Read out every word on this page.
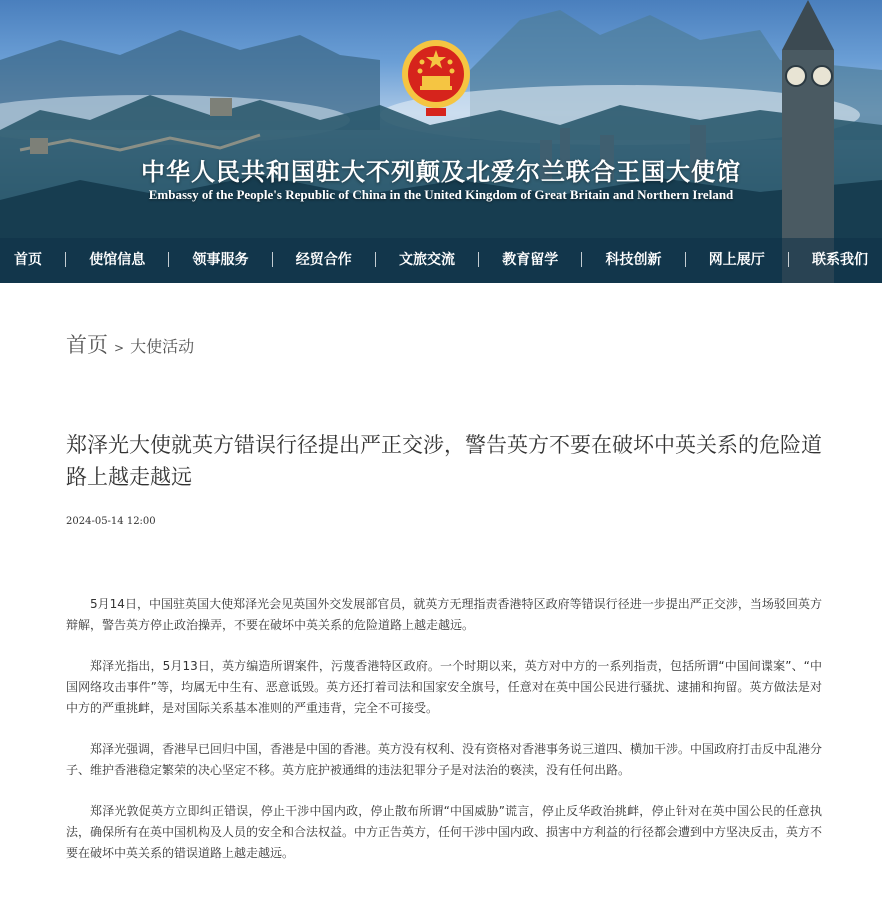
中华人民共和国驻大不列颠及北爱尔兰联合王国大使馆
Embassy of the People's Republic of China in the United Kingdom of Great Britain and Northern Ireland
首页	使馆信息	领事服务	经贸合作	文旅交流	教育留学	科技创新	网上展厅	联系我们
首页 > 大使活动
郑泽光大使就英方错误行径提出严正交涉，警告英方不要在破坏中英关系的危险道路上越走越远
2024-05-14 12:00

5月14日，中国驻英国大使郑泽光会见英国外交发展部官员，就英方无理指责香港特区政府等错误行径进一步提出严正交涉，当场驳回英方辩解，警告英方停止政治操弄，不要在破坏中英关系的危险道路上越走越远。

郑泽光指出，5月13日，英方编造所谓案件，污蔑香港特区政府。一个时期以来，英方对中方的一系列指责，包括所谓“中国间谍案”、“中国网络攻击事件”等，均属无中生有、恶意诋毁。英方还打着司法和国家安全旗号，任意对在英中国公民进行骚扰、逮捕和拘留。英方做法是对中方的严重挑衅，是对国际关系基本准则的严重违背，完全不可接受。

郑泽光强调，香港早已回归中国，香港是中国的香港。英方没有权利、没有资格对香港事务说三道四、横加干涉。中国政府打击反中乱港分子、维护香港稳定繁荣的决心坚定不移。英方庇护被通缉的违法犯罪分子是对法治的亵渎，没有任何出路。

郑泽光敦促英方立即纠正错误，停止干涉中国内政，停止散布所谓“中国威胁”谎言，停止反华政治挑衅，停止针对在英中国公民的任意执法，确保所有在英中国机构及人员的安全和合法权益。中方正告英方，任何干涉中国内政、损害中方利益的行径都会遭到中方坚决反击，英方不要在破坏中英关系的错误道路上越走越远。
